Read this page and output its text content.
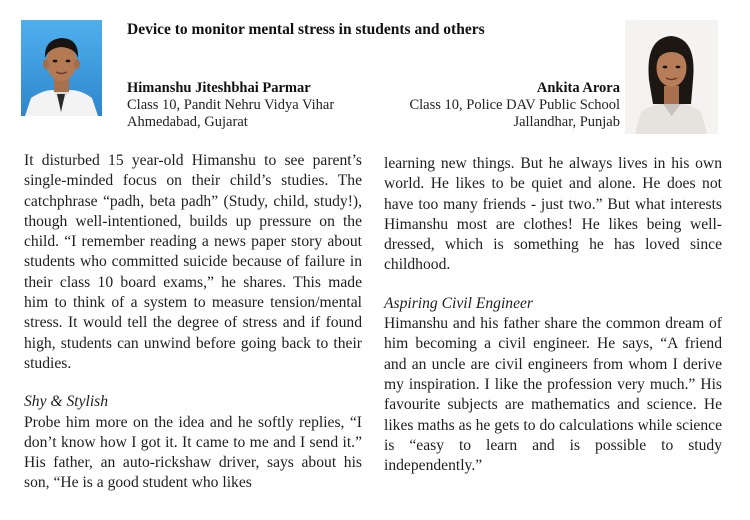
Device to monitor mental stress in students and others
Himanshu Jiteshbhai Parmar
Class 10, Pandit Nehru Vidya Vihar
Ahmedabad, Gujarat
Ankita Arora
Class 10, Police DAV Public School
Jallandhar, Punjab

It disturbed 15 year-old Himanshu to see parent’s single-minded focus on their child’s studies. The catchphrase “padh, beta padh” (Study, child, study!), though well-intentioned, builds up pressure on the child. “I remember reading a news paper story about students who committed suicide because of failure in their class 10 board exams,” he shares. This made him to think of a system to measure tension/mental stress. It would tell the degree of stress and if found high, students can unwind before going back to their studies.

Shy & Stylish

Probe him more on the idea and he softly replies, “I don’t know how I got it. It came to me and I send it.” His father, an auto-rickshaw driver, says about his son, “He is a good student who likes

learning new things. But he always lives in his own world. He likes to be quiet and alone. He does not have too many friends - just two.” But what interests Himanshu most are clothes! He likes being well-dressed, which is something he has loved since childhood.

Aspiring Civil Engineer

Himanshu and his father share the common dream of him becoming a civil engineer. He says, “A friend and an uncle are civil engineers from whom I derive my inspiration. I like the profession very much.” His favourite subjects are mathematics and science. He likes maths as he gets to do calculations while science is “easy to learn and is possible to study independently.”
